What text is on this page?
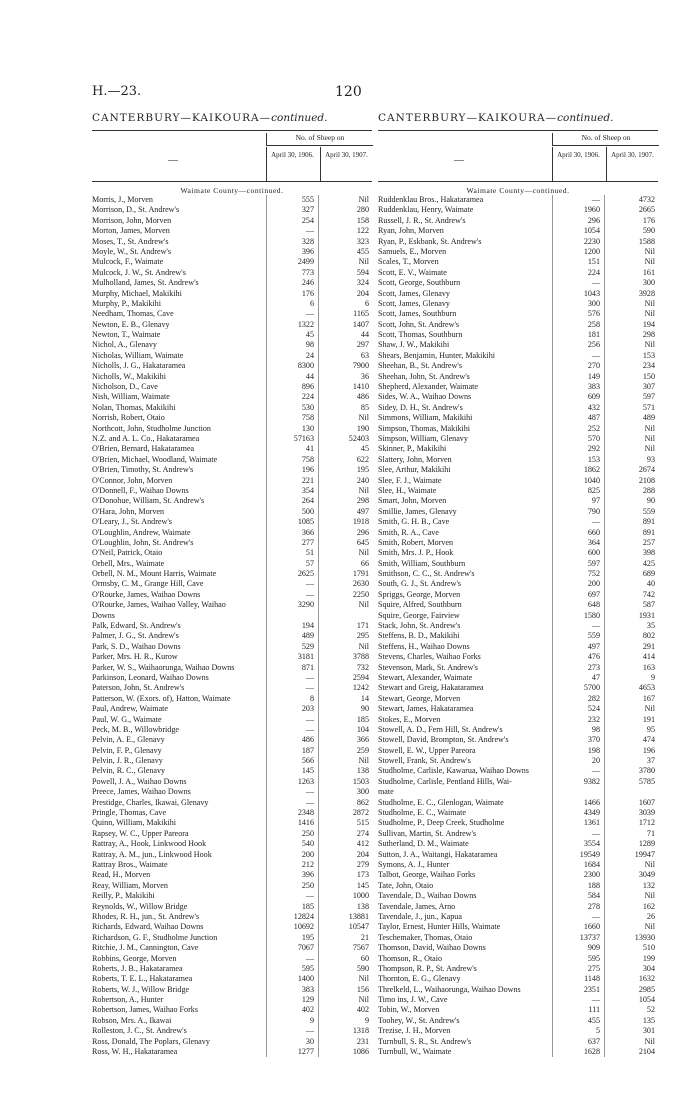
H.—23.	120
CANTERBURY—KAIKOURA—continued.	CANTERBURY—KAIKOURA—continued.
—
No. of Sheep on
April 30, 1906.	April 30, 1907.
Waimate County—continued.
Morris, J., Morven	555	Nil
Morrison, D., St. Andrew's	327	280
Morrison, John, Morven	254	158
Morton, James, Morven	—	122
Moses, T., St. Andrew's	328	323
Moyle, W., St. Andrew's	396	455
Mulcock, F., Waimate	2499	Nil
Mulcock, J. W., St. Andrew's	773	594
Mulholland, James, St. Andrew's	246	324
Murphy, Michael, Makikihi	176	204
Murphy, P., Makikihi	6	6
Needham, Thomas, Cave	—	1165
Newton, E. B., Glenavy	1322	1407
Newton, T., Waimate	45	44
Nichol, A., Glenavy	98	297
Nicholas, William, Waimate	24	63
Nicholls, J. G., Hakataramea	8300	7900
Nicholls, W., Makikihi	44	36
Nicholson, D., Cave	896	1410
Nish, William, Waimate	224	486
Nolan, Thomas, Makikihi	530	85
Norrish, Robert, Otaio	758	Nil
Northcott, John, Studholme Junction	130	190
N.Z. and A. L. Co., Hakataramea	57163	52403
O'Brien, Bernard, Hakataramea	41	45
O'Brien, Michael, Woodland, Waimate	758	622
O'Brien, Timothy, St. Andrew's	196	195
O'Connor, John, Morven	221	240
O'Donnell, F., Waihao Downs	354	Nil
O'Donohue, William, St. Andrew's	264	298
O'Hara, John, Morven	500	497
O'Leary, J., St. Andrew's	1085	1918
O'Loughlin, Andrew, Waimate	366	296
O'Loughlin, John, St. Andrew's	277	645
O'Neil, Patrick, Otaio	51	Nil
Orbell, Mrs., Waimate	57	66
Orbell, N. M., Mount Harris, Waimate	2625	1791
Ormsby, C. M., Grange Hill, Cave	—	2630
O'Rourke, James, Waihao Downs	—	2250
O'Rourke, James, Waihao Valley, Waihao	3290	Nil
Downs
Palk, Edward, St. Andrew's	194	171
Palmer, J. G., St. Andrew's	489	295
Park, S. D., Waihao Downs	529	Nil
Parker, Mrs. H. R., Kurow	3181	3788
Parker, W. S., Waihaorunga, Waihao Downs	871	732
Parkinson, Leonard, Waihao Downs	—	2594
Paterson, John, St. Andrew's	—	1242
Patterson, W. (Exors. of), Hatton, Waimate	8	14
Paul, Andrew, Waimate	203	90
Paul, W. G., Waimate	—	185
Peck, M. B., Willowbridge	—	104
Pelvin, A. E., Glenavy	486	366
Pelvin, F. P., Glenavy	187	259
Pelvin, J. R., Glenavy	566	Nil
Pelvin, R. C., Glenavy	145	138
Powell, J. A., Waihao Downs	1263	1503
Preece, James, Waihao Downs	—	300
Prestidge, Charles, Ikawai, Glenavy	—	862
Pringle, Thomas, Cave	2348	2872
Quinn, William, Makikihi	1416	515
Rapsey, W. C., Upper Pareora	250	274
Rattray, A., Hook, Linkwood Hook	540	412
Rattray, A. M., jun., Linkwood Hook	200	204
Rattray Bros., Waimate	212	279
Read, H., Morven	396	173
Reay, William, Morven	250	145
Reilly, P., Makikihi	—	1000
Reynolds, W., Willow Bridge	185	138
Rhodes, R. H., jun., St. Andrew's	12824	13881
Richards, Edward, Waihao Downs	10692	10547
Richardson, G. F., Studholme Junction	195	21
Ritchie, J. M., Cannington, Cave	7067	7567
Robbins, George, Morven	—	60
Roberts, J. B., Hakataramea	595	590
Roberts, T. E. L., Hakataramea	1400	Nil
Roberts, W. J., Willow Bridge	383	156
Robertson, A., Hunter	129	Nil
Robertson, James, Waihao Forks	402	402
Robson, Mrs. A., Ikawai	9	9
Rolleston, J. C., St. Andrew's	—	1318
Ross, Donald, The Poplars, Glenavy	30	231
Ross, W. H., Hakataramea	1277	1086
—
No. of Sheep on
April 30, 1906.	April 30, 1907.
Waimate County—continued.
Ruddenklau Bros., Hakataramea	—	4732
Ruddenklau, Henry, Waimate	1960	2665
Russell, J. R., St. Andrew's	296	176
Ryan, John, Morven	1054	590
Ryan, P., Eskbank, St. Andrew's	2230	1588
Samuels, E., Morven	1200	Nil
Scales, T., Morven	151	Nil
Scott, E. V., Waimate	224	161
Scott, George, Southburn	—	300
Scott, James, Glenavy	1043	3928
Scott, James, Glenavy	300	Nil
Scott, James, Southburn	576	Nil
Scott, John, St. Andrew's	258	194
Scott, Thomas, Southburn	181	298
Shaw, J. W., Makikihi	256	Nil
Shears, Benjamin, Hunter, Makikihi	—	153
Sheehan, B., St. Andrew's	270	234
Sheehan, John, St. Andrew's	149	150
Shepherd, Alexander, Waimate	383	307
Sides, W. A., Waihao Downs	609	597
Sidey, D. H., St. Andrew's	432	571
Simmons, William, Makikihi	487	489
Simpson, Thomas, Makikihi	252	Nil
Simpson, William, Glenavy	570	Nil
Skinner, P., Makikihi	292	Nil
Slattery, John, Morven	153	93
Slee, Arthur, Makikihi	1862	2674
Slee, F. J., Waimate	1040	2108
Slee, H., Waimate	825	288
Smart, John, Morven	97	90
Smillie, James, Glenavy	790	559
Smith, G. H. B., Cave	—	891
Smith, R. A., Cave	660	891
Smith, Robert, Morven	364	257
Smith, Mrs. J. P., Hook	600	398
Smith, William, Southburn	597	425
Smithson, C. C., St. Andrew's	752	689
South, G. J., St. Andrew's	200	40
Spriggs, George, Morven	697	742
Squire, Alfred, Southburn	648	587
Squire, George, Fairview	1580	1931
Stack, John, St. Andrew's	—	35
Steffens, B. D., Makikihi	559	802
Steffens, H., Waihao Downs	497	291
Stevens, Charles, Waihao Forks	476	414
Stevenson, Mark, St. Andrew's	273	163
Stewart, Alexander, Waimate	47	9
Stewart and Greig, Hakataramea	5700	4653
Stewart, George, Morven	282	167
Stewart, James, Hakataramea	524	Nil
Stokes, E., Morven	232	191
Stowell, A. D., Fern Hill, St. Andrew's	98	95
Stowell, David, Brompton, St. Andrew's	370	474
Stowell, E. W., Upper Pareora	198	196
Stowell, Frank, St. Andrew's	20	37
Studholme, Carlisle, Kawarua, Waihao Downs	—	3780
Studholme, Carlisle, Pentland Hills, Wai-	9382	5785
mate
Studholme, E. C., Glenlogan, Waimate	1466	1607
Studholme, E. C., Waimate	4349	3039
Studholme, P., Deep Creek, Studholme	1361	1712
Sullivan, Martin, St. Andrew's	—	71
Sutherland, D. M., Waimate	3554	1289
Sutton, J. A., Waitangi, Hakataramea	19549	19947
Symons, A. J., Hunter	1684	Nil
Talbot, George, Waihao Forks	2300	3049
Tate, John, Otaio	188	132
Tavendale, D., Waihao Downs	584	Nil
Tavendale, James, Arno	278	162
Tavendale, J., jun., Kapua	—	26
Taylor, Ernest, Hunter Hills, Waimate	1660	Nil
Teschemaker, Thomas, Otaio	13737	13930
Thomson, David, Waihao Downs	909	510
Thomson, R., Otaio	595	199
Thompson, R. P., St. Andrew's	275	304
Thornton, E. G., Glenavy	1148	1632
Threlkeld, L., Waihaorunga, Waihao Downs	2351	2985
Timo ins, J. W., Cave	—	1054
Tobin, W., Morven	111	52
Toohey, W., St. Andrew's	455	135
Trezise, J. H., Morven	5	301
Turnbull, S. R., St. Andrew's	637	Nil
Turnbull, W., Waimate	1628	2104
